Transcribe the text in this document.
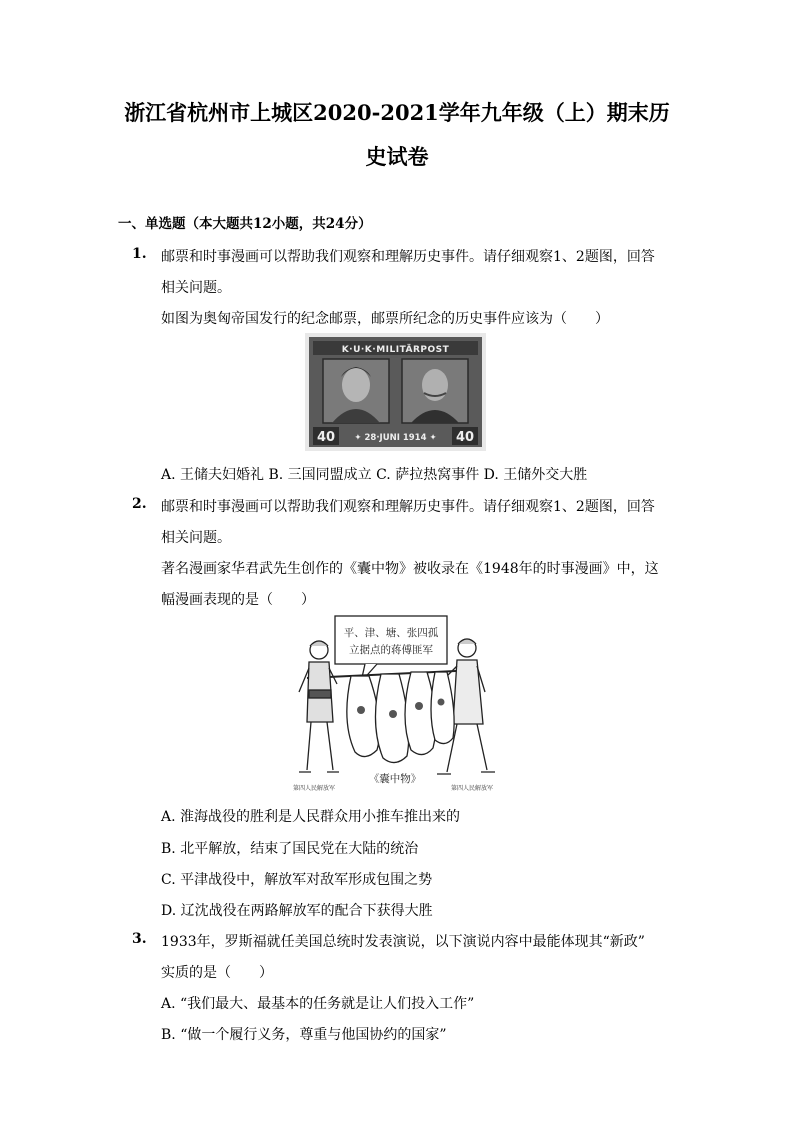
浙江省杭州市上城区2020-2021学年九年级（上）期末历
史试卷
一、单选题（本大题共12小题，共24分）
1. 邮票和时事漫画可以帮助我们观察和理解历史事件。请仔细观察1、2题图，回答
相关问题。
如图为奥匈帝国发行的纪念邮票，邮票所纪念的历史事件应该为（　　）
K·U·K·MILITÄRPOST
40	40
✦ 28·JUNI 1914 ✦
A. 王储夫妇婚礼 B. 三国同盟成立 C. 萨拉热窝事件 D. 王储外交大胜
2. 邮票和时事漫画可以帮助我们观察和理解历史事件。请仔细观察1、2题图，回答
相关问题。
著名漫画家华君武先生创作的《囊中物》被收录在《1948年的时事漫画》中，这
幅漫画表现的是（　　）
平、津、塘、张四孤
立据点的蒋傅匪军
《囊中物》
第四人民解放军	第四人民解放军
A. 淮海战役的胜利是人民群众用小推车推出来的
B. 北平解放，结束了国民党在大陆的统治
C. 平津战役中，解放军对敌军形成包围之势
D. 辽沈战役在两路解放军的配合下获得大胜
3. 1933年，罗斯福就任美国总统时发表演说，以下演说内容中最能体现其“新政”
实质的是（　　）
A. “我们最大、最基本的任务就是让人们投入工作”
B. “做一个履行义务，尊重与他国协约的国家”
